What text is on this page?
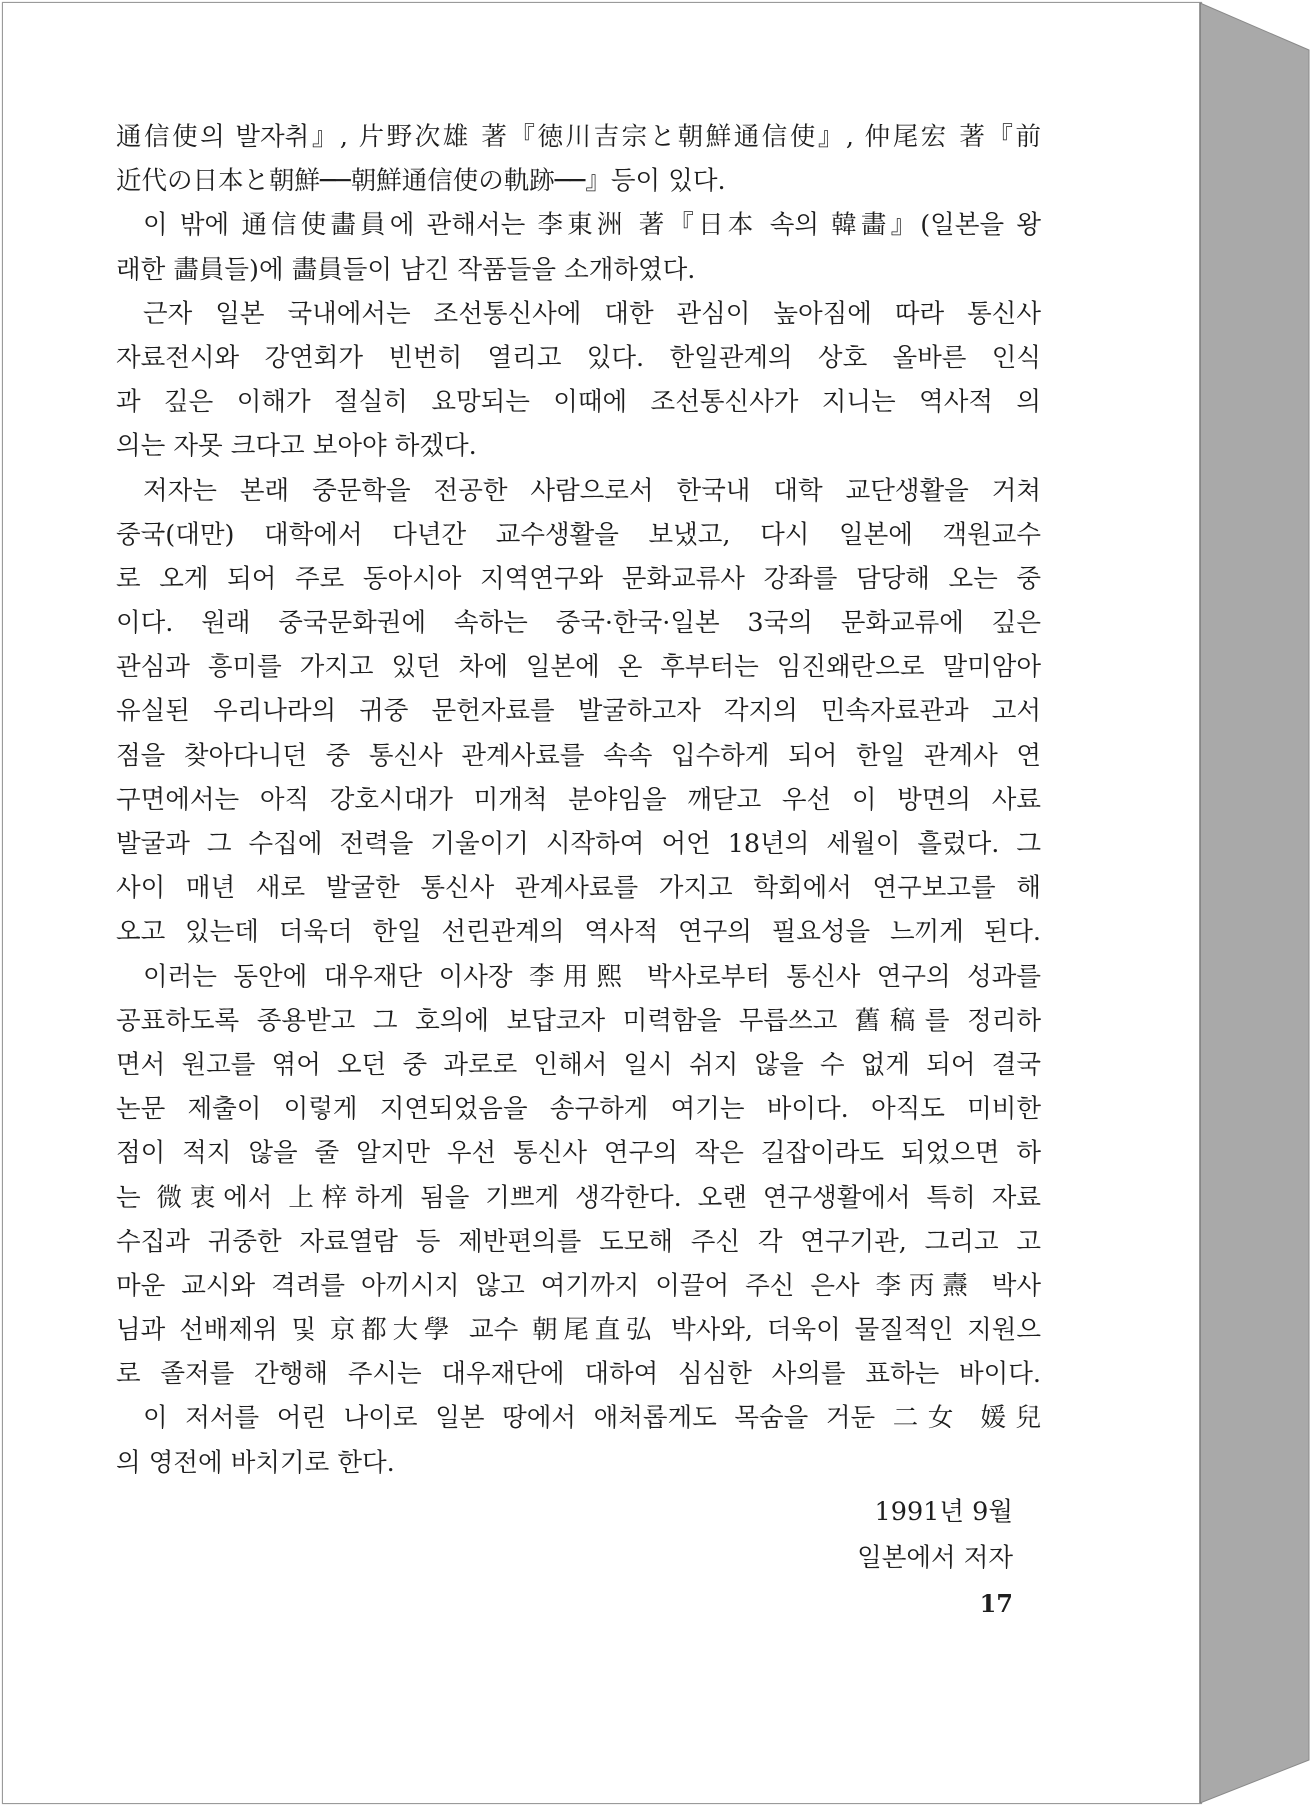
通信使의 발자취』, 片野次雄 著『徳川吉宗と朝鮮通信使』, 仲尾宏 著『前
近代の日本と朝鮮──朝鮮通信使の軌跡──』등이 있다.
이 밖에 通信使畵員에 관해서는 李東洲 著『日本 속의 韓畵』(일본을 왕
래한 畵員들)에 畵員들이 남긴 작품들을 소개하였다.
근자 일본 국내에서는 조선통신사에 대한 관심이 높아짐에 따라 통신사
자료전시와 강연회가 빈번히 열리고 있다. 한일관계의 상호 올바른 인식
과 깊은 이해가 절실히 요망되는 이때에 조선통신사가 지니는 역사적 의
의는 자못 크다고 보아야 하겠다.
저자는 본래 중문학을 전공한 사람으로서 한국내 대학 교단생활을 거쳐
중국(대만) 대학에서 다년간 교수생활을 보냈고, 다시 일본에 객원교수
로 오게 되어 주로 동아시아 지역연구와 문화교류사 강좌를 담당해 오는 중
이다. 원래 중국문화권에 속하는 중국·한국·일본 3국의 문화교류에 깊은
관심과 흥미를 가지고 있던 차에 일본에 온 후부터는 임진왜란으로 말미암아
유실된 우리나라의 귀중 문헌자료를 발굴하고자 각지의 민속자료관과 고서
점을 찾아다니던 중 통신사 관계사료를 속속 입수하게 되어 한일 관계사 연
구면에서는 아직 강호시대가 미개척 분야임을 깨닫고 우선 이 방면의 사료
발굴과 그 수집에 전력을 기울이기 시작하여 어언 18년의 세월이 흘렀다. 그
사이 매년 새로 발굴한 통신사 관계사료를 가지고 학회에서 연구보고를 해
오고 있는데 더욱더 한일 선린관계의 역사적 연구의 필요성을 느끼게 된다.
이러는 동안에 대우재단 이사장 李用熙 박사로부터 통신사 연구의 성과를
공표하도록 종용받고 그 호의에 보답코자 미력함을 무릅쓰고 舊稿를 정리하
면서 원고를 엮어 오던 중 과로로 인해서 일시 쉬지 않을 수 없게 되어 결국
논문 제출이 이렇게 지연되었음을 송구하게 여기는 바이다. 아직도 미비한
점이 적지 않을 줄 알지만 우선 통신사 연구의 작은 길잡이라도 되었으면 하
는 微衷에서 上梓하게 됨을 기쁘게 생각한다. 오랜 연구생활에서 특히 자료
수집과 귀중한 자료열람 등 제반편의를 도모해 주신 각 연구기관, 그리고 고
마운 교시와 격려를 아끼시지 않고 여기까지 이끌어 주신 은사 李丙燾 박사
님과 선배제위 및 京都大學 교수 朝尾直弘 박사와, 더욱이 물질적인 지원으
로 졸저를 간행해 주시는 대우재단에 대하여 심심한 사의를 표하는 바이다.
이 저서를 어린 나이로 일본 땅에서 애처롭게도 목숨을 거둔 二女 媛兒
의 영전에 바치기로 한다.
1991년 9월
일본에서 저자
17
